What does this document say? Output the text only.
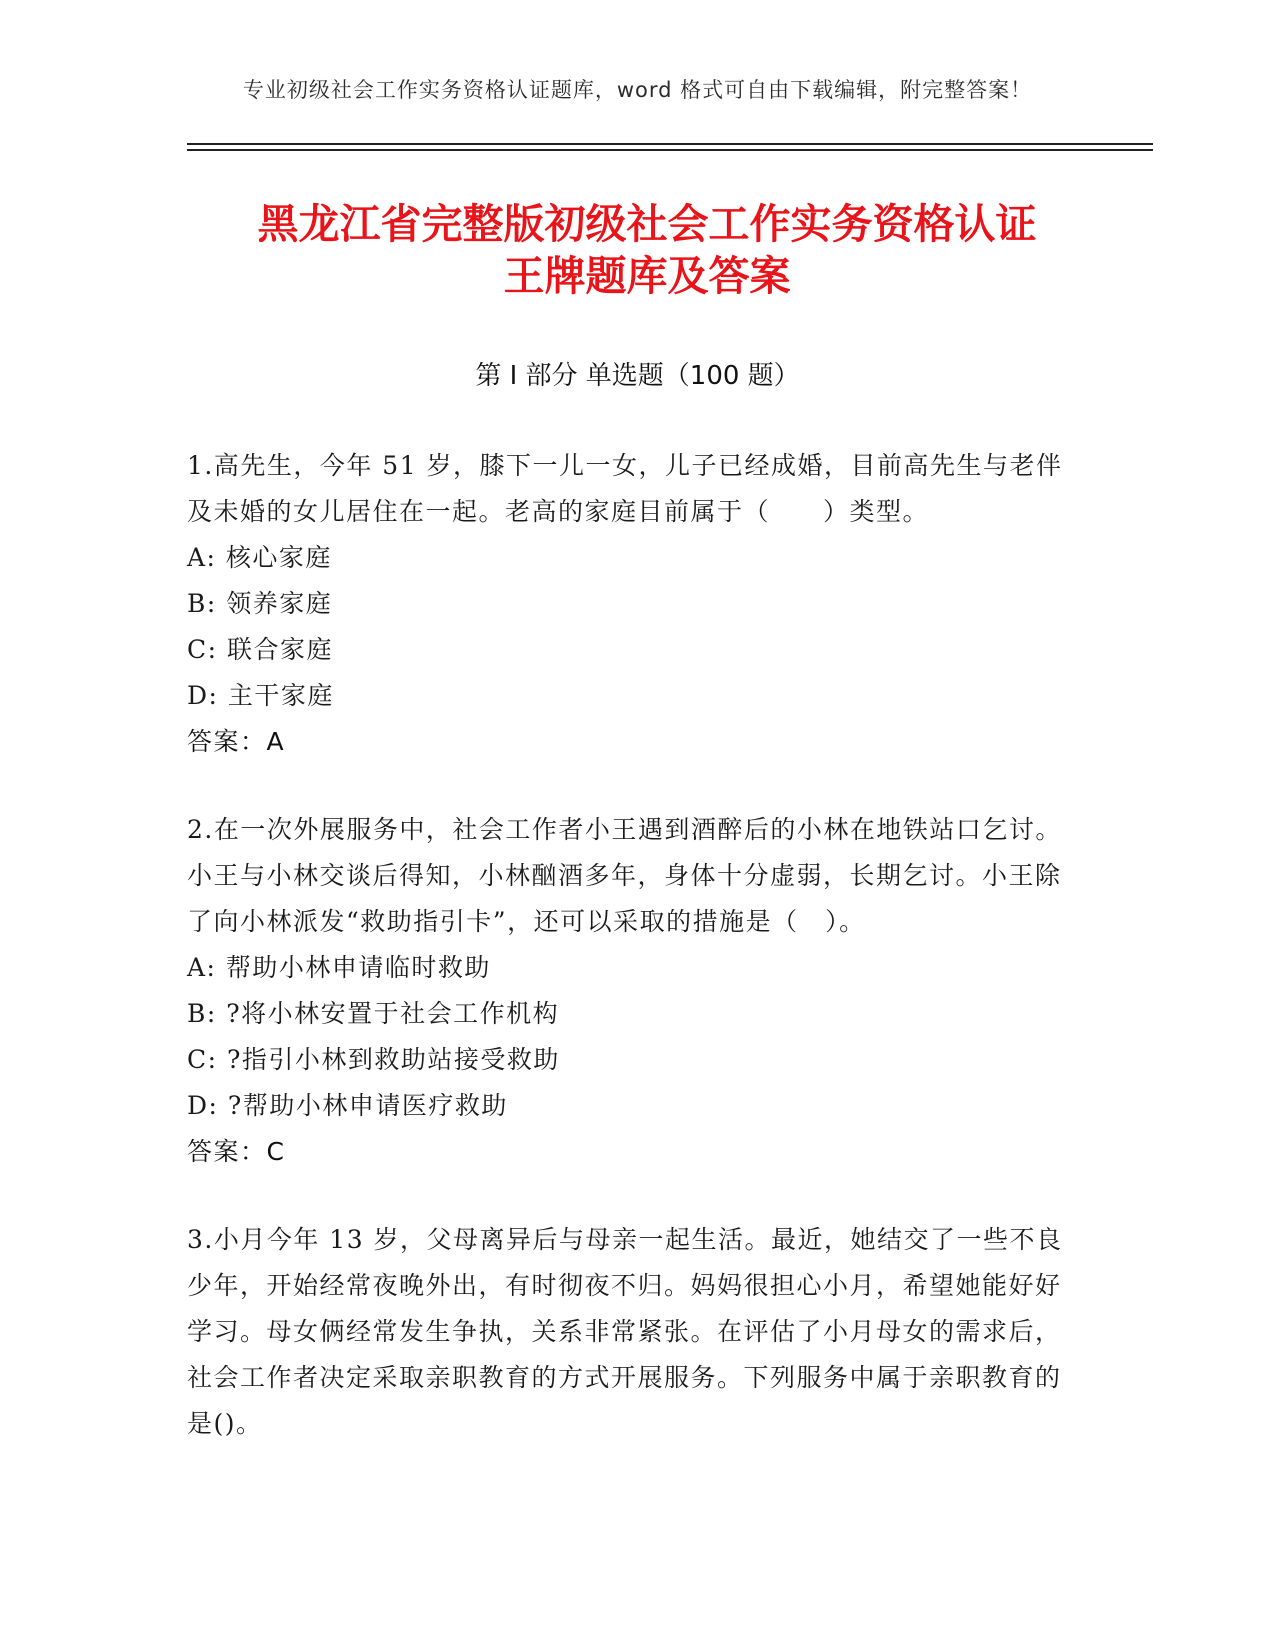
专业初级社会工作实务资格认证题库，word 格式可自由下载编辑，附完整答案！
黑龙江省完整版初级社会工作实务资格认证
王牌题库及答案
第 I 部分 单选题（100 题）

1.高先生，今年 51 岁，膝下一儿一女，儿子已经成婚，目前高先生与老伴及未婚的女儿居住在一起。老高的家庭目前属于（　　）类型。

A: 核心家庭

B: 领养家庭

C: 联合家庭

D: 主干家庭

答案：A

2.在一次外展服务中，社会工作者小王遇到酒醉后的小林在地铁站口乞讨。小王与小林交谈后得知，小林酗酒多年，身体十分虚弱，长期乞讨。小王除了向小林派发“救助指引卡”，还可以采取的措施是（　）。

A: 帮助小林申请临时救助

B: ?将小林安置于社会工作机构

C: ?指引小林到救助站接受救助

D: ?帮助小林申请医疗救助

答案：C

3.小月今年 13 岁，父母离异后与母亲一起生活。最近，她结交了一些不良少年，开始经常夜晚外出，有时彻夜不归。妈妈很担心小月，希望她能好好学习。母女俩经常发生争执，关系非常紧张。在评估了小月母女的需求后，社会工作者决定采取亲职教育的方式开展服务。下列服务中属于亲职教育的是()。
